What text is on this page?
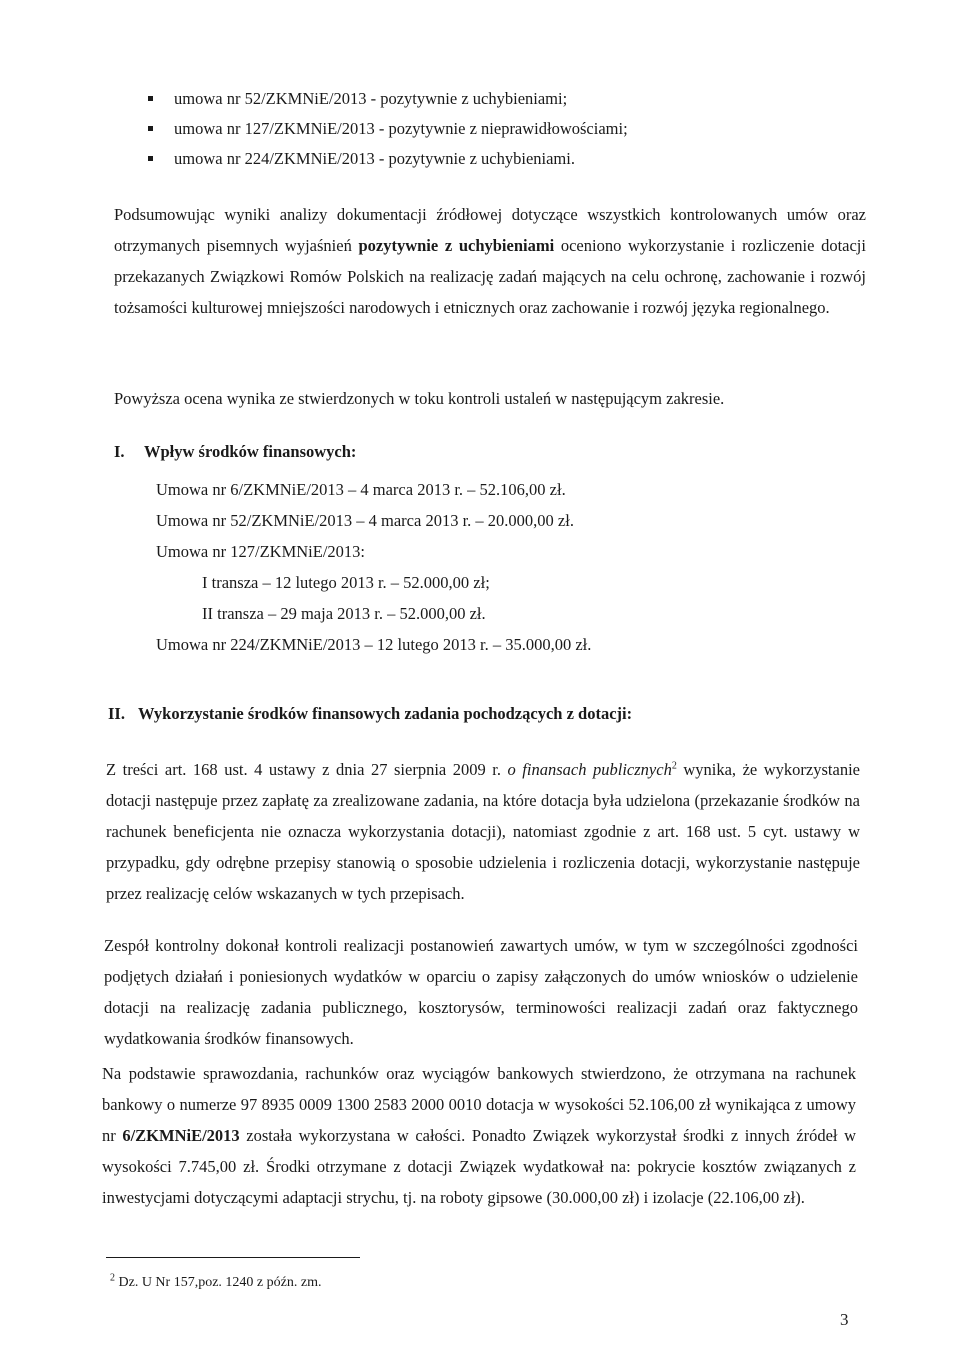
umowa nr 52/ZKMNiE/2013 - pozytywnie z uchybieniami;
umowa nr 127/ZKMNiE/2013 - pozytywnie z nieprawidłowościami;
umowa nr 224/ZKMNiE/2013 - pozytywnie z uchybieniami.
Podsumowując wyniki analizy dokumentacji źródłowej dotyczące wszystkich kontrolowanych umów oraz otrzymanych pisemnych wyjaśnień pozytywnie z uchybieniami oceniono wykorzystanie i rozliczenie dotacji przekazanych Związkowi Romów Polskich na realizację zadań mających na celu ochronę, zachowanie i rozwój tożsamości kulturowej mniejszości narodowych i etnicznych oraz zachowanie i rozwój języka regionalnego.
Powyższa ocena wynika ze stwierdzonych w toku kontroli ustaleń w następującym zakresie.
I. Wpływ środków finansowych:
Umowa nr 6/ZKMNiE/2013 – 4 marca 2013 r. – 52.106,00 zł.
Umowa nr 52/ZKMNiE/2013 – 4 marca 2013 r. – 20.000,00 zł.
Umowa nr 127/ZKMNiE/2013:
I transza – 12 lutego 2013 r. – 52.000,00 zł;
II transza – 29 maja 2013 r. – 52.000,00 zł.
Umowa nr 224/ZKMNiE/2013 – 12 lutego 2013 r. – 35.000,00 zł.
II. Wykorzystanie środków finansowych zadania pochodzących z dotacji:
Z treści art. 168 ust. 4 ustawy z dnia 27 sierpnia 2009 r. o finansach publicznych$^2$ wynika, że wykorzystanie dotacji następuje przez zapłatę za zrealizowane zadania, na które dotacja była udzielona (przekazanie środków na rachunek beneficjenta nie oznacza wykorzystania dotacji), natomiast zgodnie z art. 168 ust. 5 cyt. ustawy w przypadku, gdy odrębne przepisy stanowią o sposobie udzielenia i rozliczenia dotacji, wykorzystanie następuje przez realizację celów wskazanych w tych przepisach.
Zespół kontrolny dokonał kontroli realizacji postanowień zawartych umów, w tym w szczególności zgodności podjętych działań i poniesionych wydatków w oparciu o zapisy załączonych do umów wniosków o udzielenie dotacji na realizację zadania publicznego, kosztorysów, terminowości realizacji zadań oraz faktycznego wydatkowania środków finansowych.
Na podstawie sprawozdania, rachunków oraz wyciągów bankowych stwierdzono, że otrzymana na rachunek bankowy o numerze 97 8935 0009 1300 2583 2000 0010 dotacja w wysokości 52.106,00 zł wynikająca z umowy nr 6/ZKMNiE/2013 została wykorzystana w całości. Ponadto Związek wykorzystał środki z innych źródeł w wysokości 7.745,00 zł. Środki otrzymane z dotacji Związek wydatkował na: pokrycie kosztów związanych z inwestycjami dotyczącymi adaptacji strychu, tj. na roboty gipsowe (30.000,00 zł) i izolacje (22.106,00 zł).
$^2$ Dz. U Nr 157,poz. 1240 z późn. zm.
3
